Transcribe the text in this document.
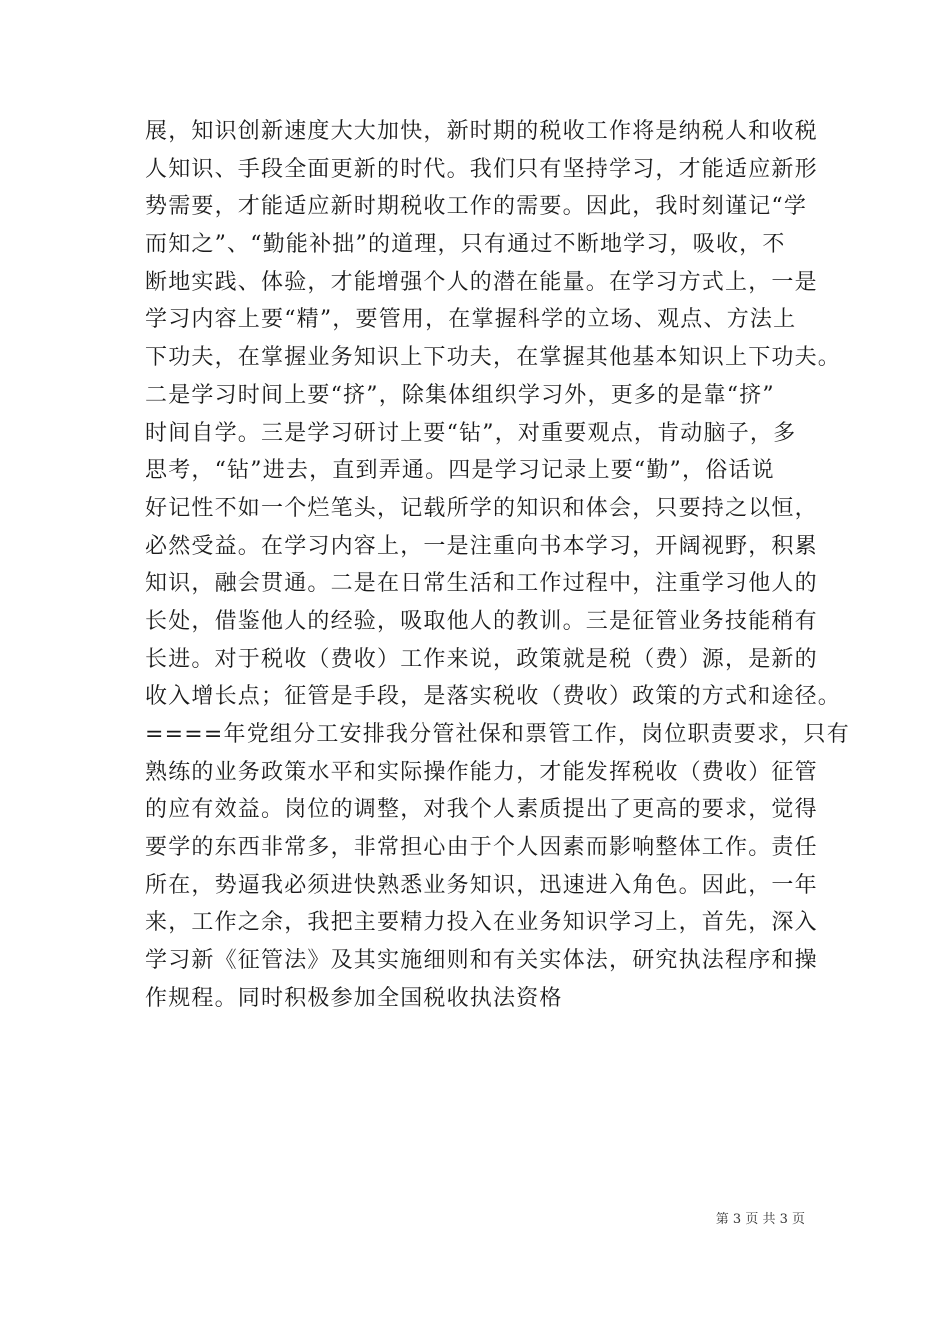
展，知识创新速度大大加快，新时期的税收工作将是纳税人和收税
人知识、手段全面更新的时代。我们只有坚持学习，才能适应新形
势需要，才能适应新时期税收工作的需要。因此，我时刻谨记“学
而知之”、“勤能补拙”的道理，只有通过不断地学习，吸收，不
断地实践、体验，才能增强个人的潜在能量。在学习方式上，一是
学习内容上要“精”，要管用，在掌握科学的立场、观点、方法上
下功夫，在掌握业务知识上下功夫，在掌握其他基本知识上下功夫。
二是学习时间上要“挤”，除集体组织学习外，更多的是靠“挤”
时间自学。三是学习研讨上要“钻”，对重要观点，肯动脑子，多
思考，“钻”进去，直到弄通。四是学习记录上要“勤”，俗话说
好记性不如一个烂笔头，记载所学的知识和体会，只要持之以恒，
必然受益。在学习内容上，一是注重向书本学习，开阔视野，积累
知识，融会贯通。二是在日常生活和工作过程中，注重学习他人的
长处，借鉴他人的经验，吸取他人的教训。三是征管业务技能稍有
长进。对于税收（费收）工作来说，政策就是税（费）源，是新的
收入增长点；征管是手段，是落实税收（费收）政策的方式和途径。
====年党组分工安排我分管社保和票管工作，岗位职责要求，只有
熟练的业务政策水平和实际操作能力，才能发挥税收（费收）征管
的应有效益。岗位的调整，对我个人素质提出了更高的要求，觉得
要学的东西非常多，非常担心由于个人因素而影响整体工作。责任
所在，势逼我必须进快熟悉业务知识，迅速进入角色。因此，一年
来，工作之余，我把主要精力投入在业务知识学习上，首先，深入
学习新《征管法》及其实施细则和有关实体法，研究执法程序和操
作规程。同时积极参加全国税收执法资格
第 3 页 共 3 页
